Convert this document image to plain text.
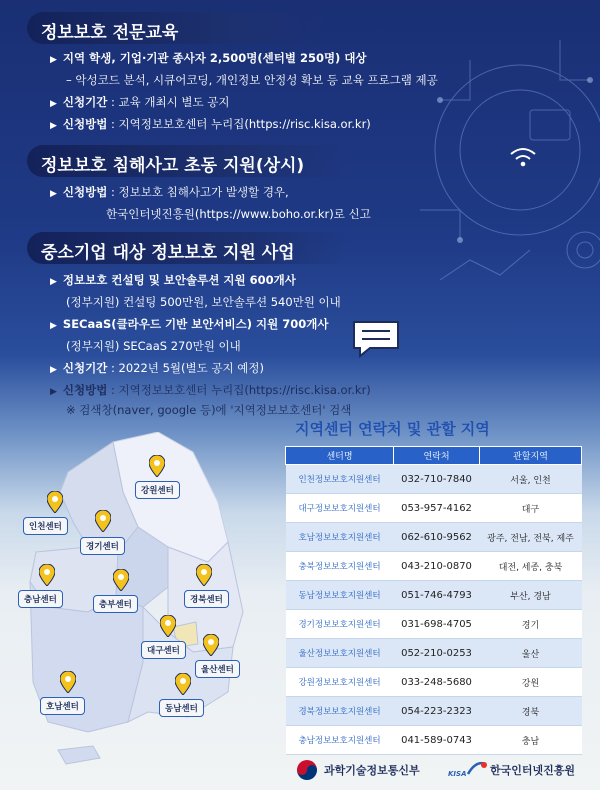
정보보호 전문교육
▶ 지역 학생, 기업·기관 종사자 2,500명(센터별 250명) 대상
– 악성코드 분석, 시큐어코딩, 개인정보 안정성 확보 등 교육 프로그램 제공
▶ 신청기간 : 교육 개최시 별도 공지
▶ 신청방법 : 지역정보보호센터 누리집(https://risc.kisa.or.kr)
정보보호 침해사고 초동 지원(상시)
▶ 신청방법 : 정보보호 침해사고가 발생할 경우,
한국인터넷진흥원(https://www.boho.or.kr)로 신고
중소기업 대상 정보보호 지원 사업
▶ 정보보호 컨설팅 및 보안솔루션 지원 600개사
(정부지원) 컨설팅 500만원, 보안솔루션 540만원 이내
▶ SECaaS(클라우드 기반 보안서비스) 지원 700개사
(정부지원) SECaaS 270만원 이내
▶ 신청기간 : 2022년 5월(별도 공지 예정)
▶ 신청방법 : 지역정보보호센터 누리집(https://risc.kisa.or.kr)
※ 검색창(naver, google 등)에 '지역정보보호센터' 검색
강원센터
인천센터
경기센터
충남센터	충부센터	경북센터
대구센터
울산센터
호남센터	동남센터
지역센터 연락처 및 관할 지역
센터명	연락처	관할지역
인천정보보호지원센터	032-710-7840	서울, 인천
대구정보보호지원센터	053-957-4162	대구
호남정보보호지원센터	062-610-9562	광주, 전남, 전북, 제주
충북정보보호지원센터	043-210-0870	대전, 세종, 충북
동남정보보호지원센터	051-746-4793	부산, 경남
경기정보보호지원센터	031-698-4705	경기
울산정보보호지원센터	052-210-0253	울산
강원정보보호지원센터	033-248-5680	강원
경북정보보호지원센터	054-223-2323	경북
충남정보보호지원센터	041-589-0743	충남
과학기술정보통신부	KISA 한국인터넷진흥원
